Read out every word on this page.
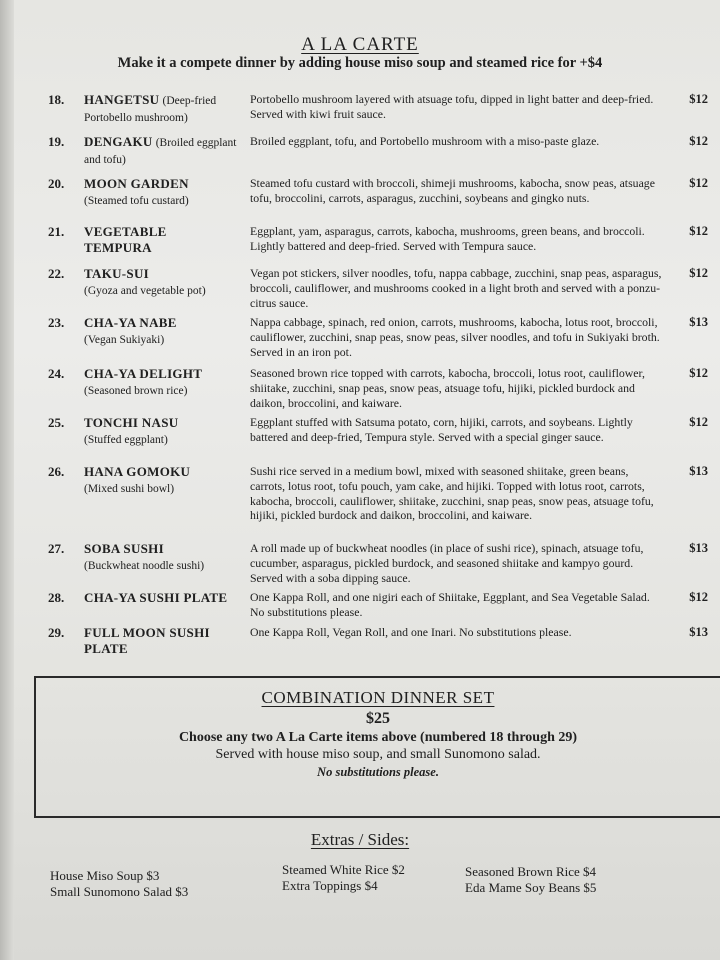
A LA CARTE
Make it a compete dinner by adding house miso soup and steamed rice for +$4
18.	HANGETSU (Deep-fried Portobello mushroom)
Portobello mushroom layered with atsuage tofu, dipped in light batter and deep-fried. Served with kiwi fruit sauce.
$12
19.	DENGAKU (Broiled eggplant and tofu)
Broiled eggplant, tofu, and Portobello mushroom with a miso-paste glaze.	$12
20.	MOON GARDEN
(Steamed tofu custard)
Steamed tofu custard with broccoli, shimeji mushrooms, kabocha, snow peas, atsuage tofu, broccolini, carrots, asparagus, zucchini, soybeans and gingko nuts.
$12
21.	VEGETABLE TEMPURA
Eggplant, yam, asparagus, carrots, kabocha, mushrooms, green beans, and broccoli. Lightly battered and deep-fried. Served with Tempura sauce.
$12
22.	TAKU-SUI
(Gyoza and vegetable pot)
Vegan pot stickers, silver noodles, tofu, nappa cabbage, zucchini, snap peas, asparagus, broccoli, cauliflower, and mushrooms cooked in a light broth and served with a ponzu-citrus sauce.
$12
23.	CHA-YA NABE
(Vegan Sukiyaki)
Nappa cabbage, spinach, red onion, carrots, mushrooms, kabocha, lotus root, broccoli, cauliflower, zucchini, snap peas, snow peas, silver noodles, and tofu in Sukiyaki broth. Served in an iron pot.
$13
24.	CHA-YA DELIGHT
(Seasoned brown rice)
Seasoned brown rice topped with carrots, kabocha, broccoli, lotus root, cauliflower, shiitake, zucchini, snap peas, snow peas, atsuage tofu, hijiki, pickled burdock and daikon, broccolini, and kaiware.
$12
25.	TONCHI NASU
(Stuffed eggplant)
Eggplant stuffed with Satsuma potato, corn, hijiki, carrots, and soybeans. Lightly battered and deep-fried, Tempura style. Served with a special ginger sauce.
$12
26.	HANA GOMOKU
(Mixed sushi bowl)
Sushi rice served in a medium bowl, mixed with seasoned shiitake, green beans, carrots, lotus root, tofu pouch, yam cake, and hijiki. Topped with lotus root, carrots, kabocha, broccoli, cauliflower, shiitake, zucchini, snap peas, snow peas, atsuage tofu, hijiki, pickled burdock and daikon, broccolini, and kaiware.
$13
27.	SOBA SUSHI
(Buckwheat noodle sushi)
A roll made up of buckwheat noodles (in place of sushi rice), spinach, atsuage tofu, cucumber, asparagus, pickled burdock, and seasoned shiitake and kampyo gourd. Served with a soba dipping sauce.
$13
28.	CHA-YA SUSHI PLATE	One Kappa Roll, and one nigiri each of Shiitake, Eggplant, and Sea Vegetable Salad. No substitutions please.
$12
29.	FULL MOON SUSHI PLATE
One Kappa Roll, Vegan Roll, and one Inari. No substitutions please.	$13
COMBINATION DINNER SET
$25
Choose any two A La Carte items above (numbered 18 through 29)
Served with house miso soup, and small Sunomono salad.
No substitutions please.
Extras / Sides:
House Miso Soup $3
Small Sunomono Salad $3
Steamed White Rice $2
Extra Toppings $4
Seasoned Brown Rice $4
Eda Mame Soy Beans $5
